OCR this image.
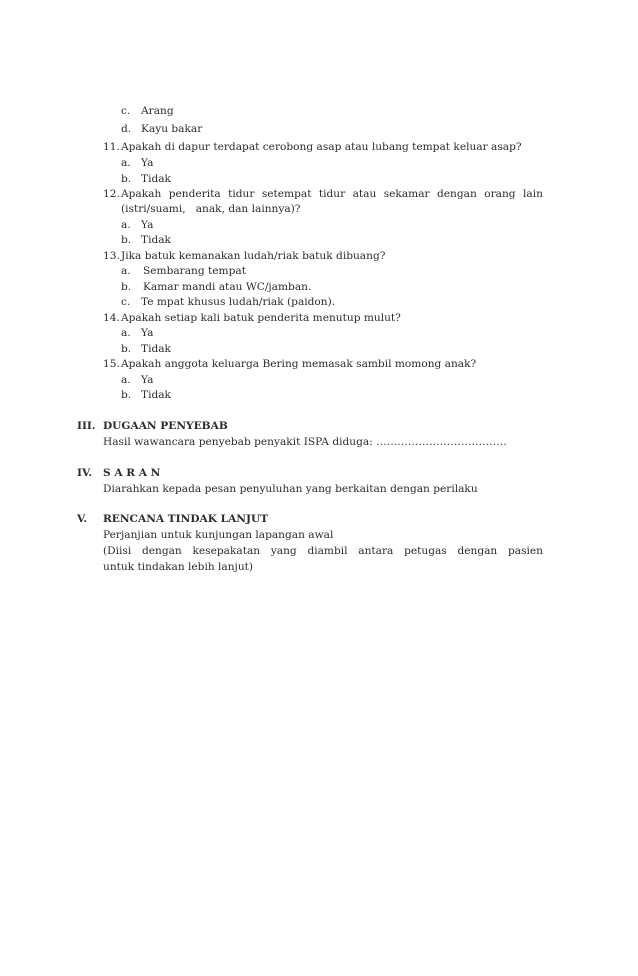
c. Arang
d. Kayu bakar
11. Apakah di dapur terdapat cerobong asap atau lubang tempat keluar asap?
a. Ya
b. Tidak
12. Apakah penderita tidur setempat tidur atau sekamar dengan orang lain
(istri/suami,   anak, dan lainnya)?
a. Ya
b. Tidak
13. Jika batuk kemanakan ludah/riak batuk dibuang?
a. Sembarang tempat
b. Kamar mandi atau WC/jamban.
c. Te mpat khusus ludah/riak (paidon).
14. Apakah setiap kali batuk penderita menutup mulut?
a. Ya
b. Tidak
15. Apakah anggota keluarga Bering memasak sambil momong anak?
a. Ya
b. Tidak
III. DUGAAN PENYEBAB
Hasil wawancara penyebab penyakit ISPA diduga: ……………………………….
IV. S A R A N
Diarahkan kepada pesan penyuluhan yang berkaitan dengan perilaku
V. RENCANA TINDAK LANJUT
Perjanjian untuk kunjungan lapangan awal
(Diisi dengan kesepakatan yang diambil antara petugas dengan pasien
untuk tindakan lebih lanjut)
